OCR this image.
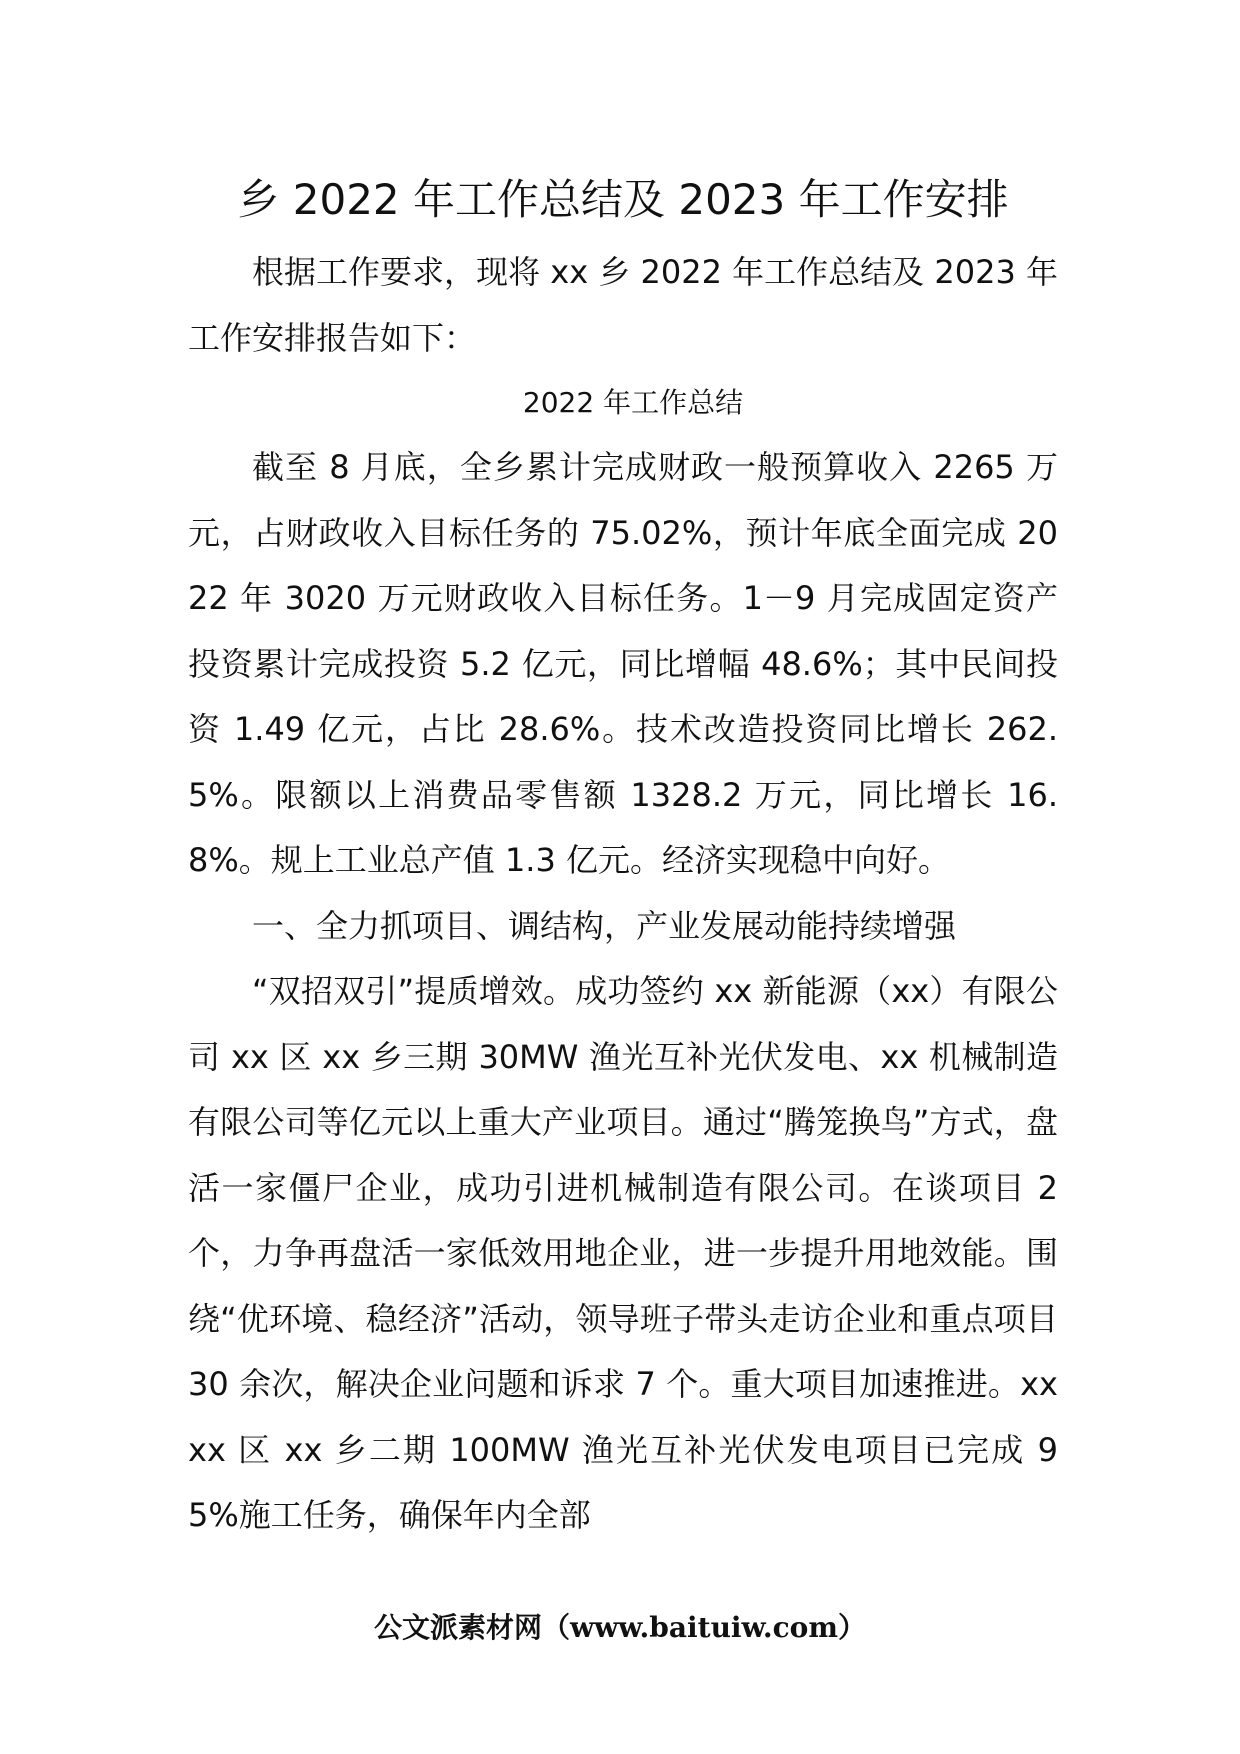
乡 2022 年工作总结及 2023 年工作安排

根据工作要求，现将 xx 乡 2022 年工作总结及 2023 年工作安排报告如下：

2022 年工作总结

截至 8 月底，全乡累计完成财政一般预算收入 2265 万元，占财政收入目标任务的 75.02%，预计年底全面完成 2022 年 3020 万元财政收入目标任务。1－9 月完成固定资产投资累计完成投资 5.2 亿元，同比增幅 48.6%；其中民间投资 1.49 亿元，占比 28.6%。技术改造投资同比增长 262.5%。限额以上消费品零售额 1328.2 万元，同比增长 16.8%。规上工业总产值 1.3 亿元。经济实现稳中向好。

一、全力抓项目、调结构，产业发展动能持续增强

“双招双引”提质增效。成功签约 xx 新能源（xx）有限公司 xx 区 xx 乡三期 30MW 渔光互补光伏发电、xx 机械制造有限公司等亿元以上重大产业项目。通过“腾笼换鸟”方式，盘活一家僵尸企业，成功引进机械制造有限公司。在谈项目 2 个，力争再盘活一家低效用地企业，进一步提升用地效能。围绕“优环境、稳经济”活动，领导班子带头走访企业和重点项目 30 余次，解决企业问题和诉求 7 个。重大项目加速推进。xxxx 区 xx 乡二期 100MW 渔光互补光伏发电项目已完成 95%施工任务，确保年内全部

公文派素材网（www.baituiw.com）
